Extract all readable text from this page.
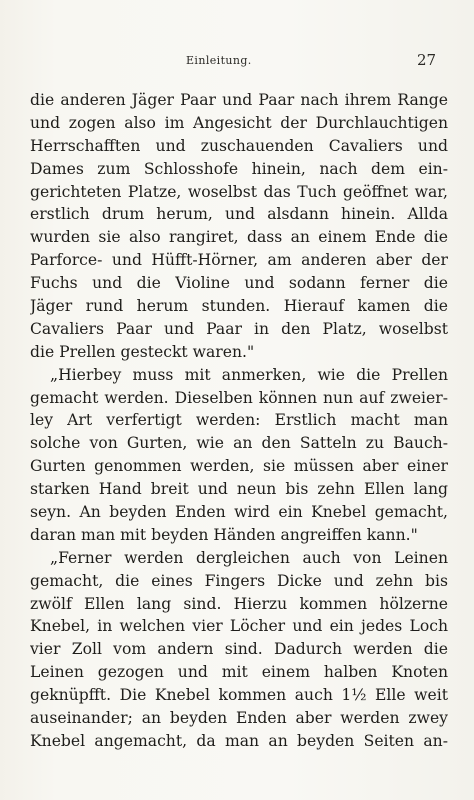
Einleitung.	27
die anderen Jäger Paar und Paar nach ihrem Range
und zogen also im Angesicht der Durchlauchtigen
Herrschafften und zuschauenden Cavaliers und
Dames zum Schlosshofe hinein, nach dem ein-
gerichteten Platze, woselbst das Tuch geöffnet war,
erstlich drum herum, und alsdann hinein. Allda
wurden sie also rangiret, dass an einem Ende die
Parforce- und Hüfft-Hörner, am anderen aber der
Fuchs und die Violine und sodann ferner die
Jäger rund herum stunden. Hierauf kamen die
Cavaliers Paar und Paar in den Platz, woselbst
die Prellen gesteckt waren."
„Hierbey muss mit anmerken, wie die Prellen
gemacht werden. Dieselben können nun auf zweier-
ley Art verfertigt werden: Erstlich macht man
solche von Gurten, wie an den Satteln zu Bauch-
Gurten genommen werden, sie müssen aber einer
starken Hand breit und neun bis zehn Ellen lang
seyn. An beyden Enden wird ein Knebel gemacht,
daran man mit beyden Händen angreiffen kann."
„Ferner werden dergleichen auch von Leinen
gemacht, die eines Fingers Dicke und zehn bis
zwölf Ellen lang sind. Hierzu kommen hölzerne
Knebel, in welchen vier Löcher und ein jedes Loch
vier Zoll vom andern sind. Dadurch werden die
Leinen gezogen und mit einem halben Knoten
geknüpfft. Die Knebel kommen auch 1½ Elle weit
auseinander; an beyden Enden aber werden zwey
Knebel angemacht, da man an beyden Seiten an-
